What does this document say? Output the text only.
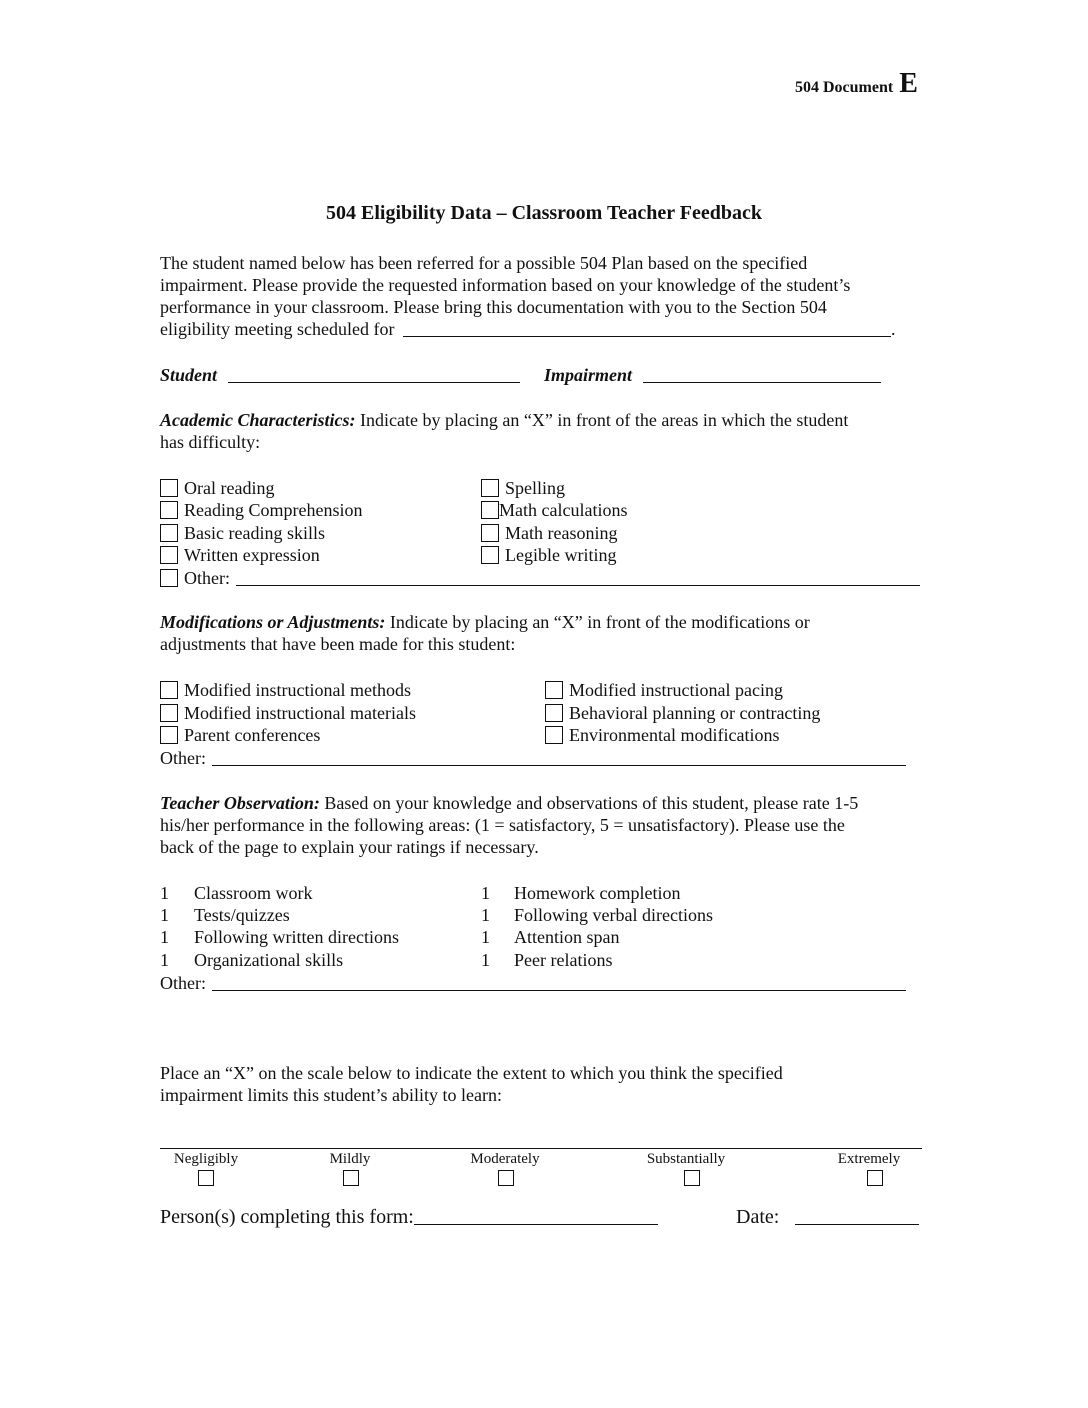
504 Document E
504 Eligibility Data – Classroom Teacher Feedback
The student named below has been referred for a possible 504 Plan based on the specified
impairment. Please provide the requested information based on your knowledge of the student’s
performance in your classroom. Please bring this documentation with you to the Section 504
eligibility meeting scheduled for	.
Student	Impairment
Academic Characteristics: Indicate by placing an “X” in front of the areas in which the student
has difficulty:
Oral reading
Reading Comprehension
Basic reading skills
Written expression
Other:
Spelling
Math calculations
Math reasoning
Legible writing
Modifications or Adjustments: Indicate by placing an “X” in front of the modifications or
adjustments that have been made for this student:
Modified instructional methods
Modified instructional materials
Parent conferences
Modified instructional pacing
Behavioral planning or contracting
Environmental modifications
Other:
Teacher Observation: Based on your knowledge and observations of this student, please rate 1-5
his/her performance in the following areas: (1 = satisfactory, 5 = unsatisfactory). Please use the
back of the page to explain your ratings if necessary.
1 Classroom work
1 Tests/quizzes
1 Following written directions
1 Organizational skills
1 Homework completion
1 Following verbal directions
1 Attention span
1 Peer relations
Other:
Place an “X” on the scale below to indicate the extent to which you think the specified
impairment limits this student’s ability to learn:
Negligibly	Mildly	Moderately	Substantially	Extremely
Person(s) completing this form:	Date:
